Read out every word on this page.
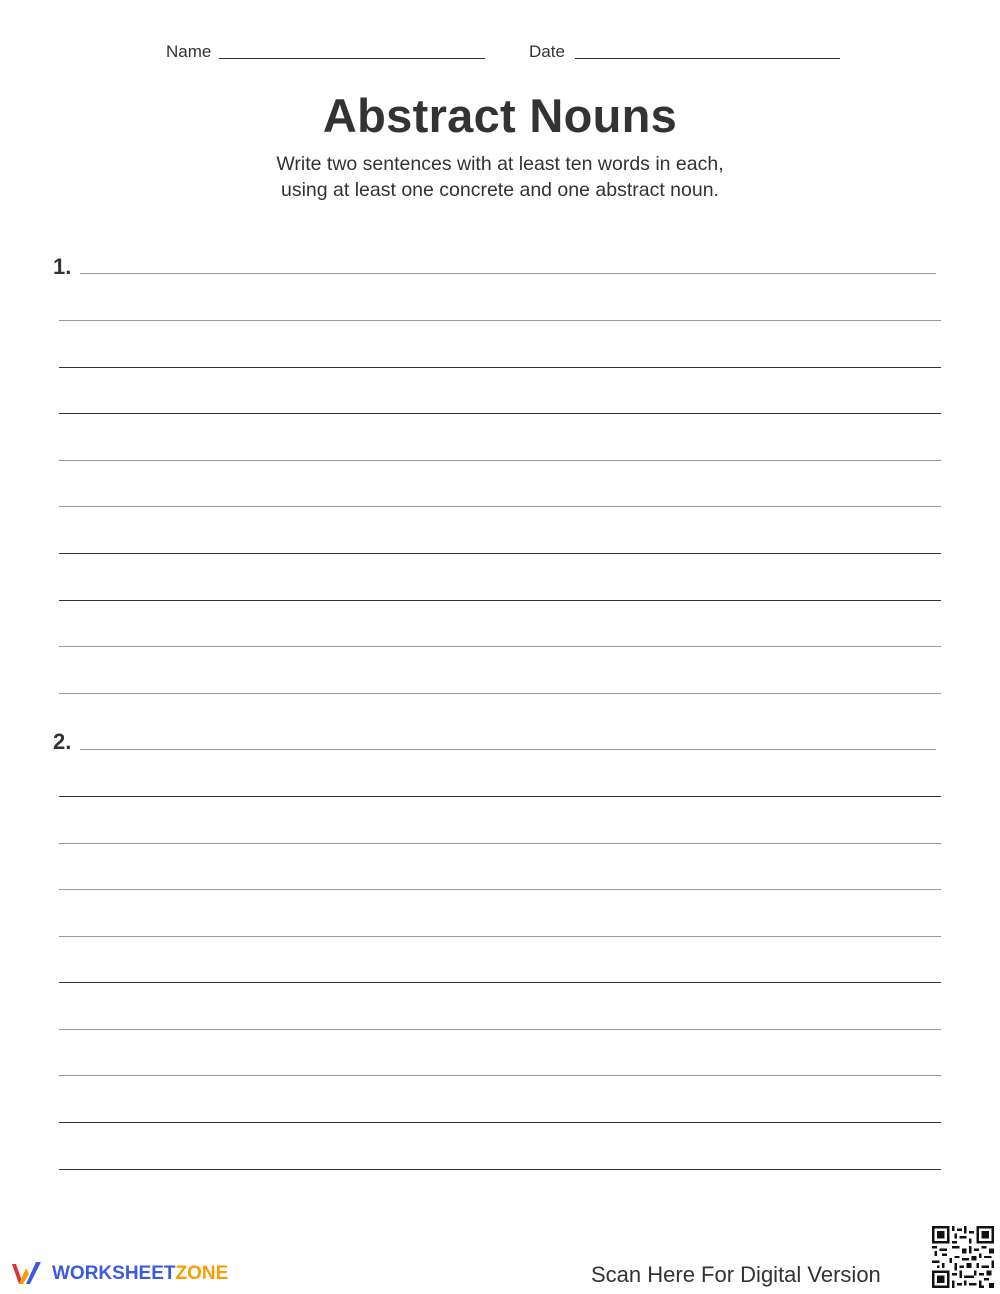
Name	Date
Abstract Nouns
Write two sentences with at least ten words in each,
using at least one concrete and one abstract noun.
1.
2.
WORKSHEETZONE	Scan Here For Digital Version
